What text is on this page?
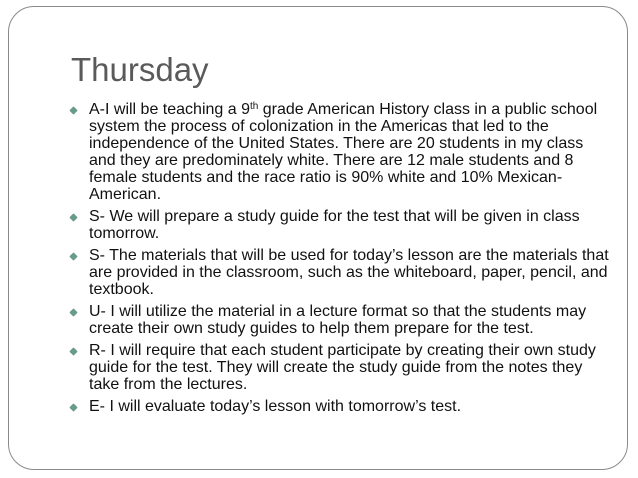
Thursday
A-I will be teaching a 9th grade American History class in a public school system the process of colonization in the Americas that led to the independence of the United States. There are 20 students in my class and they are predominately white. There are 12 male students and 8 female students and the race ratio is 90% white and 10% Mexican-American.
S- We will prepare a study guide for the test that will be given in class tomorrow.
S- The materials that will be used for today’s lesson are the materials that are provided in the classroom, such as the whiteboard, paper, pencil, and textbook.
U- I will utilize the material in a lecture format so that the students may create their own study guides to help them prepare for the test.
R- I will require that each student participate by creating their own study guide for the test. They will create the study guide from the notes they take from the lectures.
E- I will evaluate today’s lesson with tomorrow’s test.
